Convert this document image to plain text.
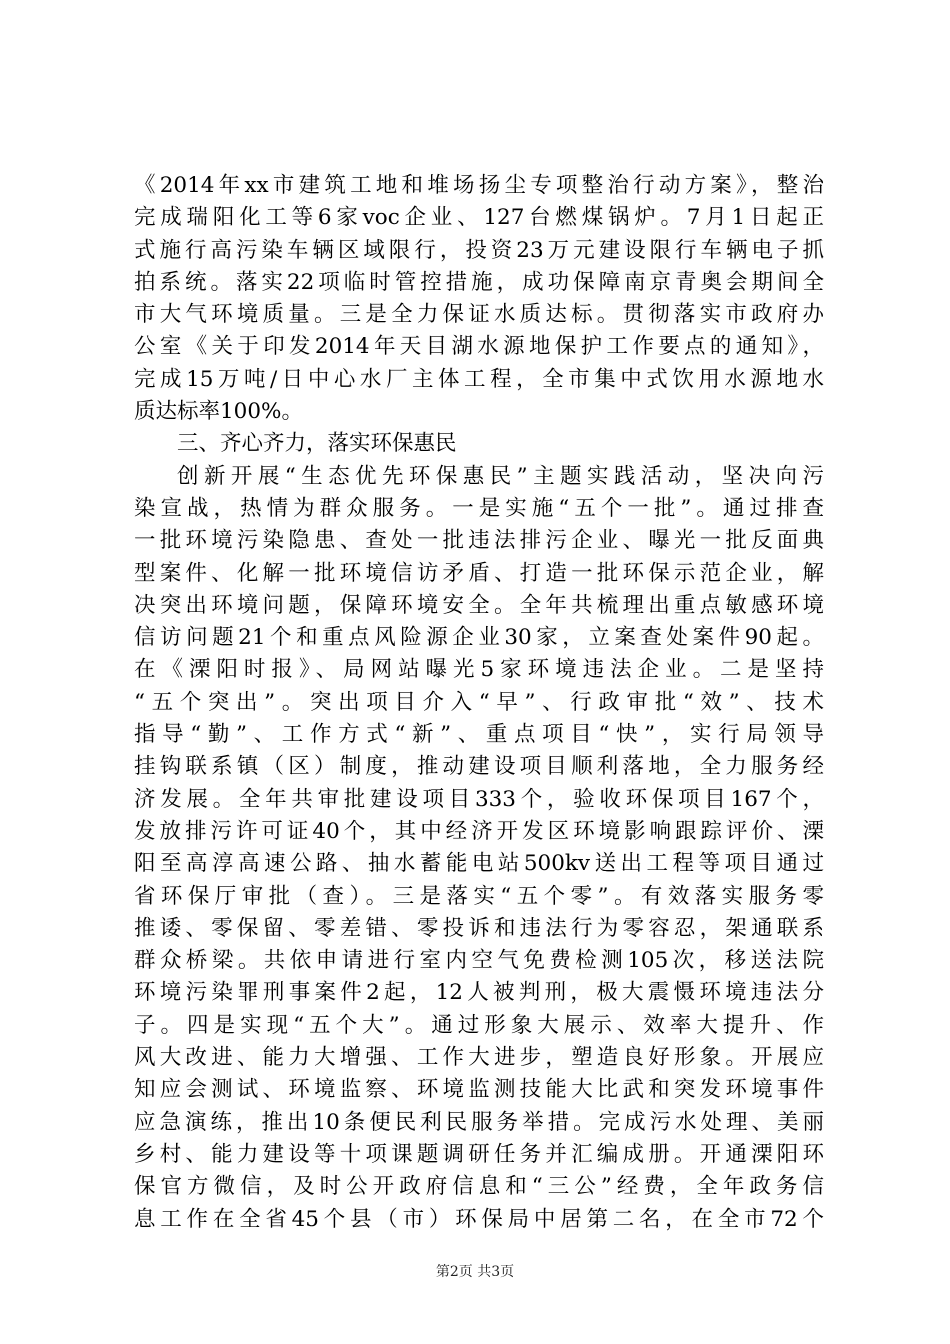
《2014年xx市建筑工地和堆场扬尘专项整治行动方案》，整治
完成瑞阳化工等6家voc企业、127台燃煤锅炉。7月1日起正
式施行高污染车辆区域限行，投资23万元建设限行车辆电子抓
拍系统。落实22项临时管控措施，成功保障南京青奥会期间全
市大气环境质量。三是全力保证水质达标。贯彻落实市政府办
公室《关于印发2014年天目湖水源地保护工作要点的通知》，
完成15万吨/日中心水厂主体工程，全市集中式饮用水源地水
质达标率100%。
三、齐心齐力，落实环保惠民
创新开展“生态优先环保惠民”主题实践活动，坚决向污
染宣战，热情为群众服务。一是实施“五个一批”。通过排查
一批环境污染隐患、查处一批违法排污企业、曝光一批反面典
型案件、化解一批环境信访矛盾、打造一批环保示范企业，解
决突出环境问题，保障环境安全。全年共梳理出重点敏感环境
信访问题21个和重点风险源企业30家，立案查处案件90起。
在《溧阳时报》、局网站曝光5家环境违法企业。二是坚持
“五个突出”。突出项目介入“早”、行政审批“效”、技术
指导“勤”、工作方式“新”、重点项目“快”，实行局领导
挂钩联系镇（区）制度，推动建设项目顺利落地，全力服务经
济发展。全年共审批建设项目333个，验收环保项目167个，
发放排污许可证40个，其中经济开发区环境影响跟踪评价、溧
阳至高淳高速公路、抽水蓄能电站500kv送出工程等项目通过
省环保厅审批（查）。三是落实“五个零”。有效落实服务零
推诿、零保留、零差错、零投诉和违法行为零容忍，架通联系
群众桥梁。共依申请进行室内空气免费检测105次，移送法院
环境污染罪刑事案件2起，12人被判刑，极大震慑环境违法分
子。四是实现“五个大”。通过形象大展示、效率大提升、作
风大改进、能力大增强、工作大进步，塑造良好形象。开展应
知应会测试、环境监察、环境监测技能大比武和突发环境事件
应急演练，推出10条便民利民服务举措。完成污水处理、美丽
乡村、能力建设等十项课题调研任务并汇编成册。开通溧阳环
保官方微信，及时公开政府信息和“三公”经费，全年政务信
息工作在全省45个县（市）环保局中居第二名，在全市72个
第2页 共3页
